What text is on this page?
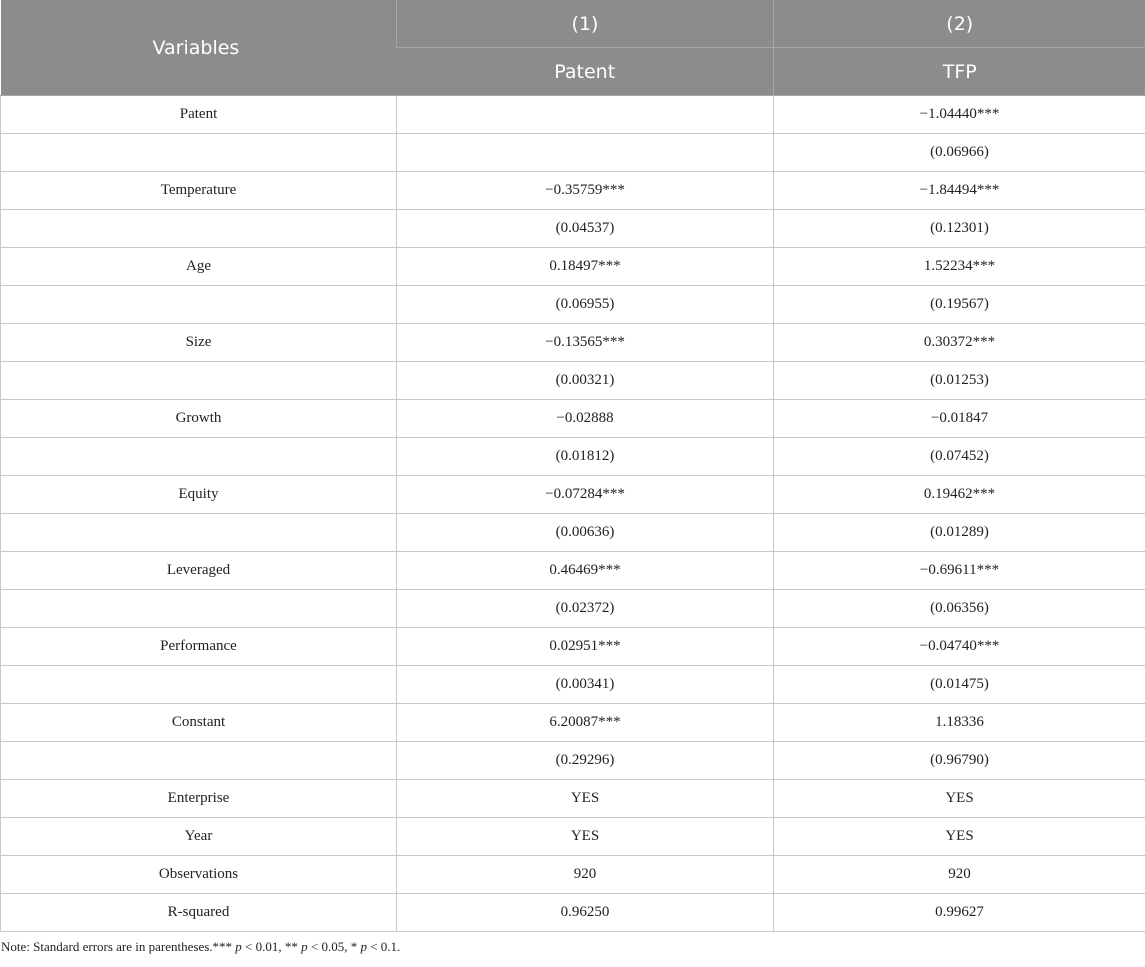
Variables	(1)	(2)
	Patent	TFP
Patent		−1.04440***
		(0.06966)
Temperature	−0.35759***	−1.84494***
	(0.04537)	(0.12301)
Age	0.18497***	1.52234***
	(0.06955)	(0.19567)
Size	−0.13565***	0.30372***
	(0.00321)	(0.01253)
Growth	−0.02888	−0.01847
	(0.01812)	(0.07452)
Equity	−0.07284***	0.19462***
	(0.00636)	(0.01289)
Leveraged	0.46469***	−0.69611***
	(0.02372)	(0.06356)
Performance	0.02951***	−0.04740***
	(0.00341)	(0.01475)
Constant	6.20087***	1.18336
	(0.29296)	(0.96790)
Enterprise	YES	YES
Year	YES	YES
Observations	920	920
R-squared	0.96250	0.99627
Note: Standard errors are in parentheses.*** p < 0.01, ** p < 0.05, * p < 0.1.
